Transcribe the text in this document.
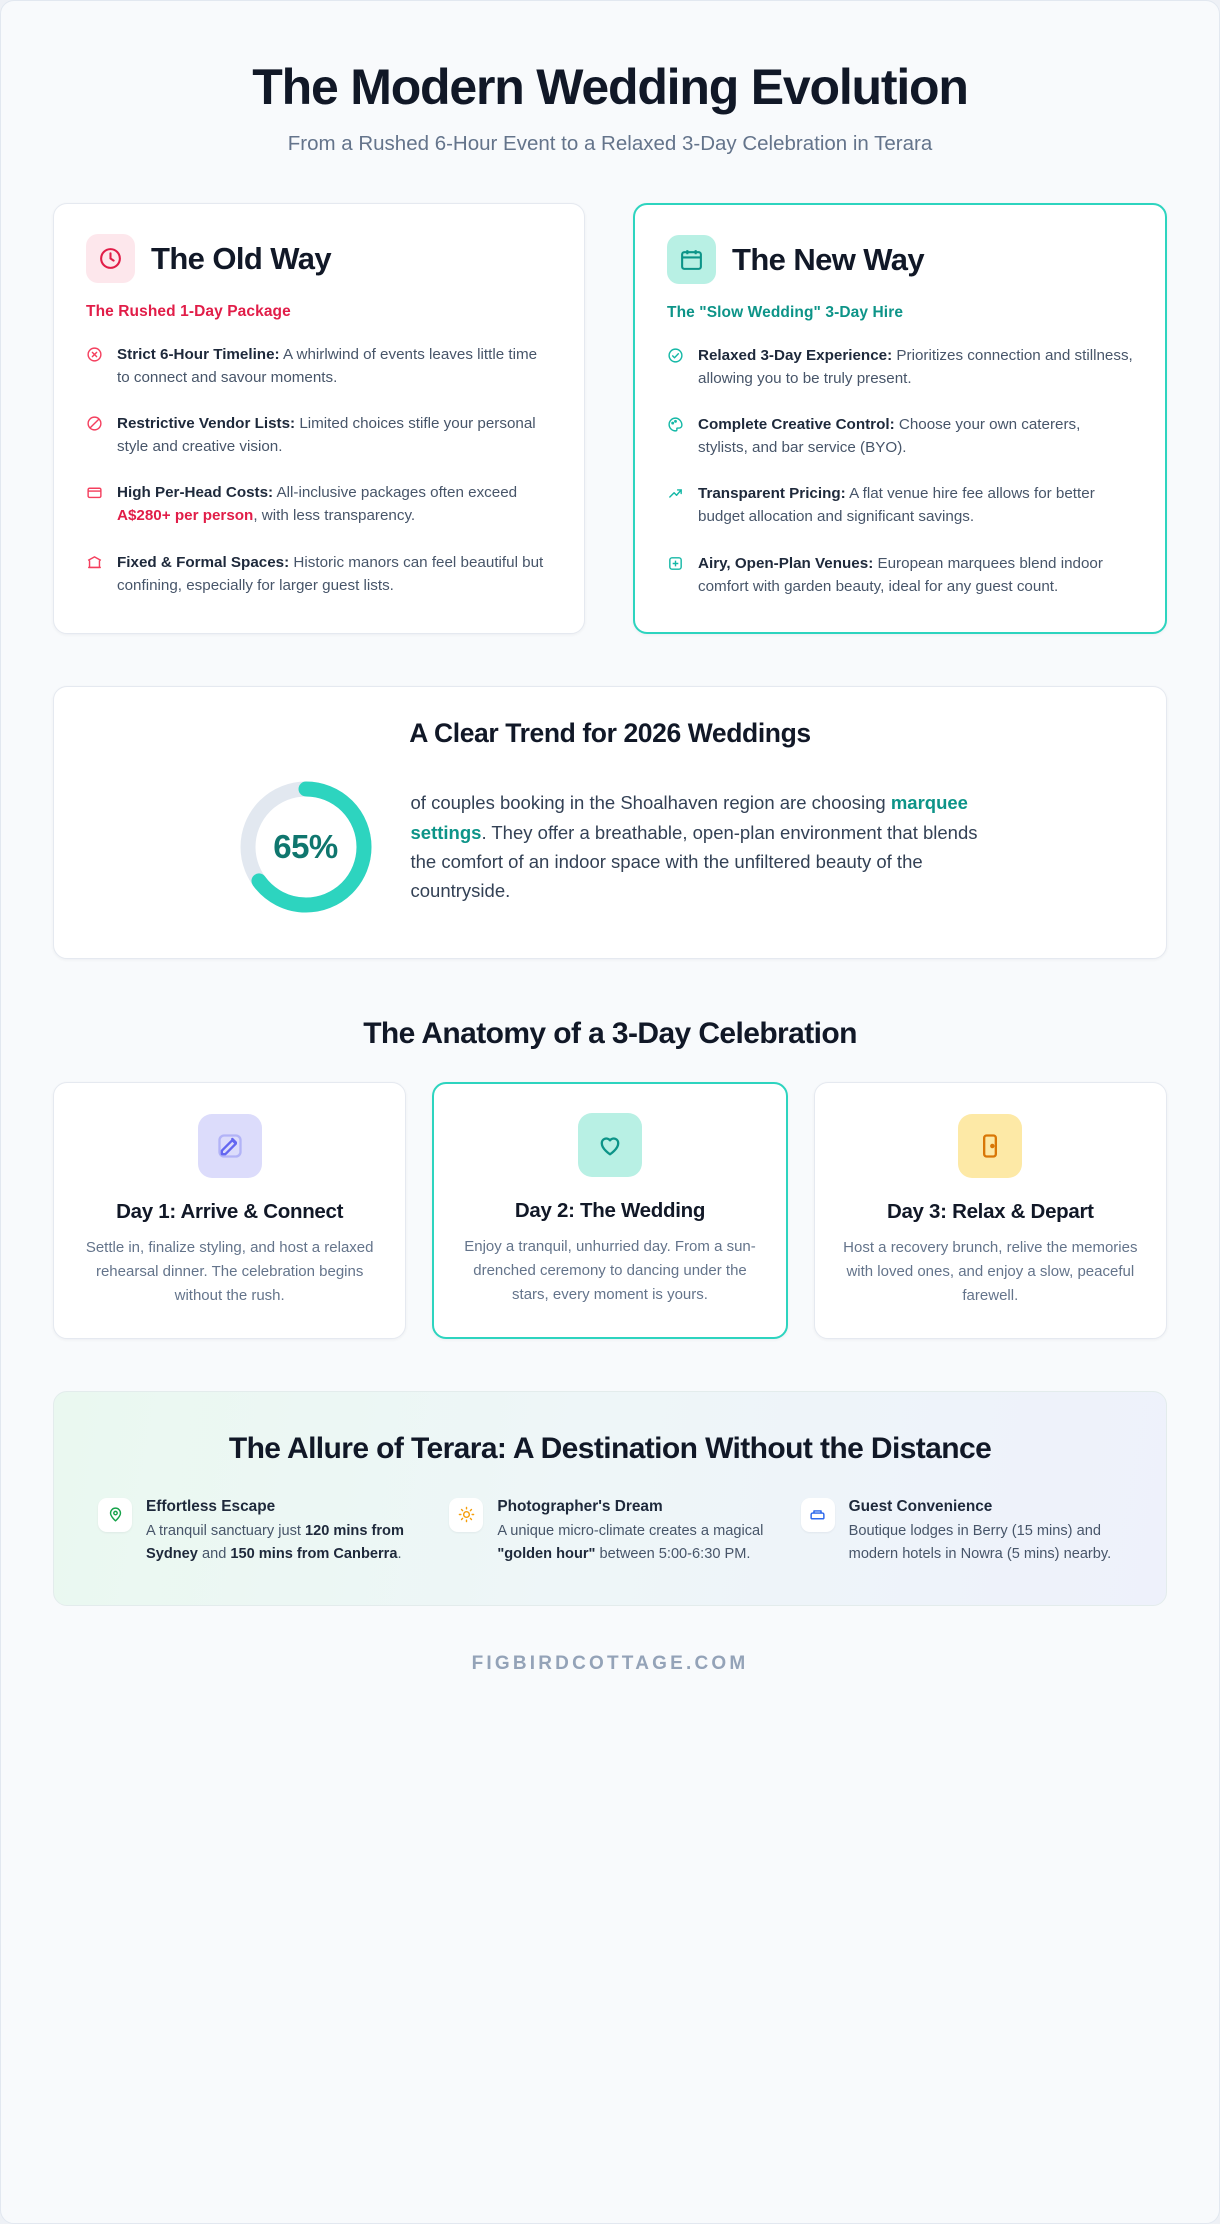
The Modern Wedding Evolution
From a Rushed 6-Hour Event to a Relaxed 3-Day Celebration in Terara
The Old Way
The Rushed 1-Day Package
Strict 6-Hour Timeline: A whirlwind of events leaves little time to connect and savour moments.
Restrictive Vendor Lists: Limited choices stifle your personal style and creative vision.
High Per-Head Costs: All-inclusive packages often exceed A$280+ per person, with less transparency.
Fixed & Formal Spaces: Historic manors can feel beautiful but confining, especially for larger guest lists.
The New Way
The "Slow Wedding" 3-Day Hire
Relaxed 3-Day Experience: Prioritizes connection and stillness, allowing you to be truly present.
Complete Creative Control: Choose your own caterers, stylists, and bar service (BYO).
Transparent Pricing: A flat venue hire fee allows for better budget allocation and significant savings.
Airy, Open-Plan Venues: European marquees blend indoor comfort with garden beauty, ideal for any guest count.
A Clear Trend for 2026 Weddings
65%
of couples booking in the Shoalhaven region are choosing marquee settings. They offer a breathable, open-plan environment that blends the comfort of an indoor space with the unfiltered beauty of the countryside.
The Anatomy of a 3-Day Celebration
Day 1: Arrive & Connect

Settle in, finalize styling, and host a relaxed rehearsal dinner. The celebration begins without the rush.

Day 2: The Wedding

Enjoy a tranquil, unhurried day. From a sun-drenched ceremony to dancing under the stars, every moment is yours.

Day 3: Relax & Depart

Host a recovery brunch, relive the memories with loved ones, and enjoy a slow, peaceful farewell.

The Allure of Terara: A Destination Without the Distance
Effortless Escape

A tranquil sanctuary just 120 mins from Sydney and 150 mins from Canberra.

Photographer's Dream

A unique micro-climate creates a magical "golden hour" between 5:00-6:30 PM.

Guest Convenience

Boutique lodges in Berry (15 mins) and modern hotels in Nowra (5 mins) nearby.

FIGBIRDCOTTAGE.COM
